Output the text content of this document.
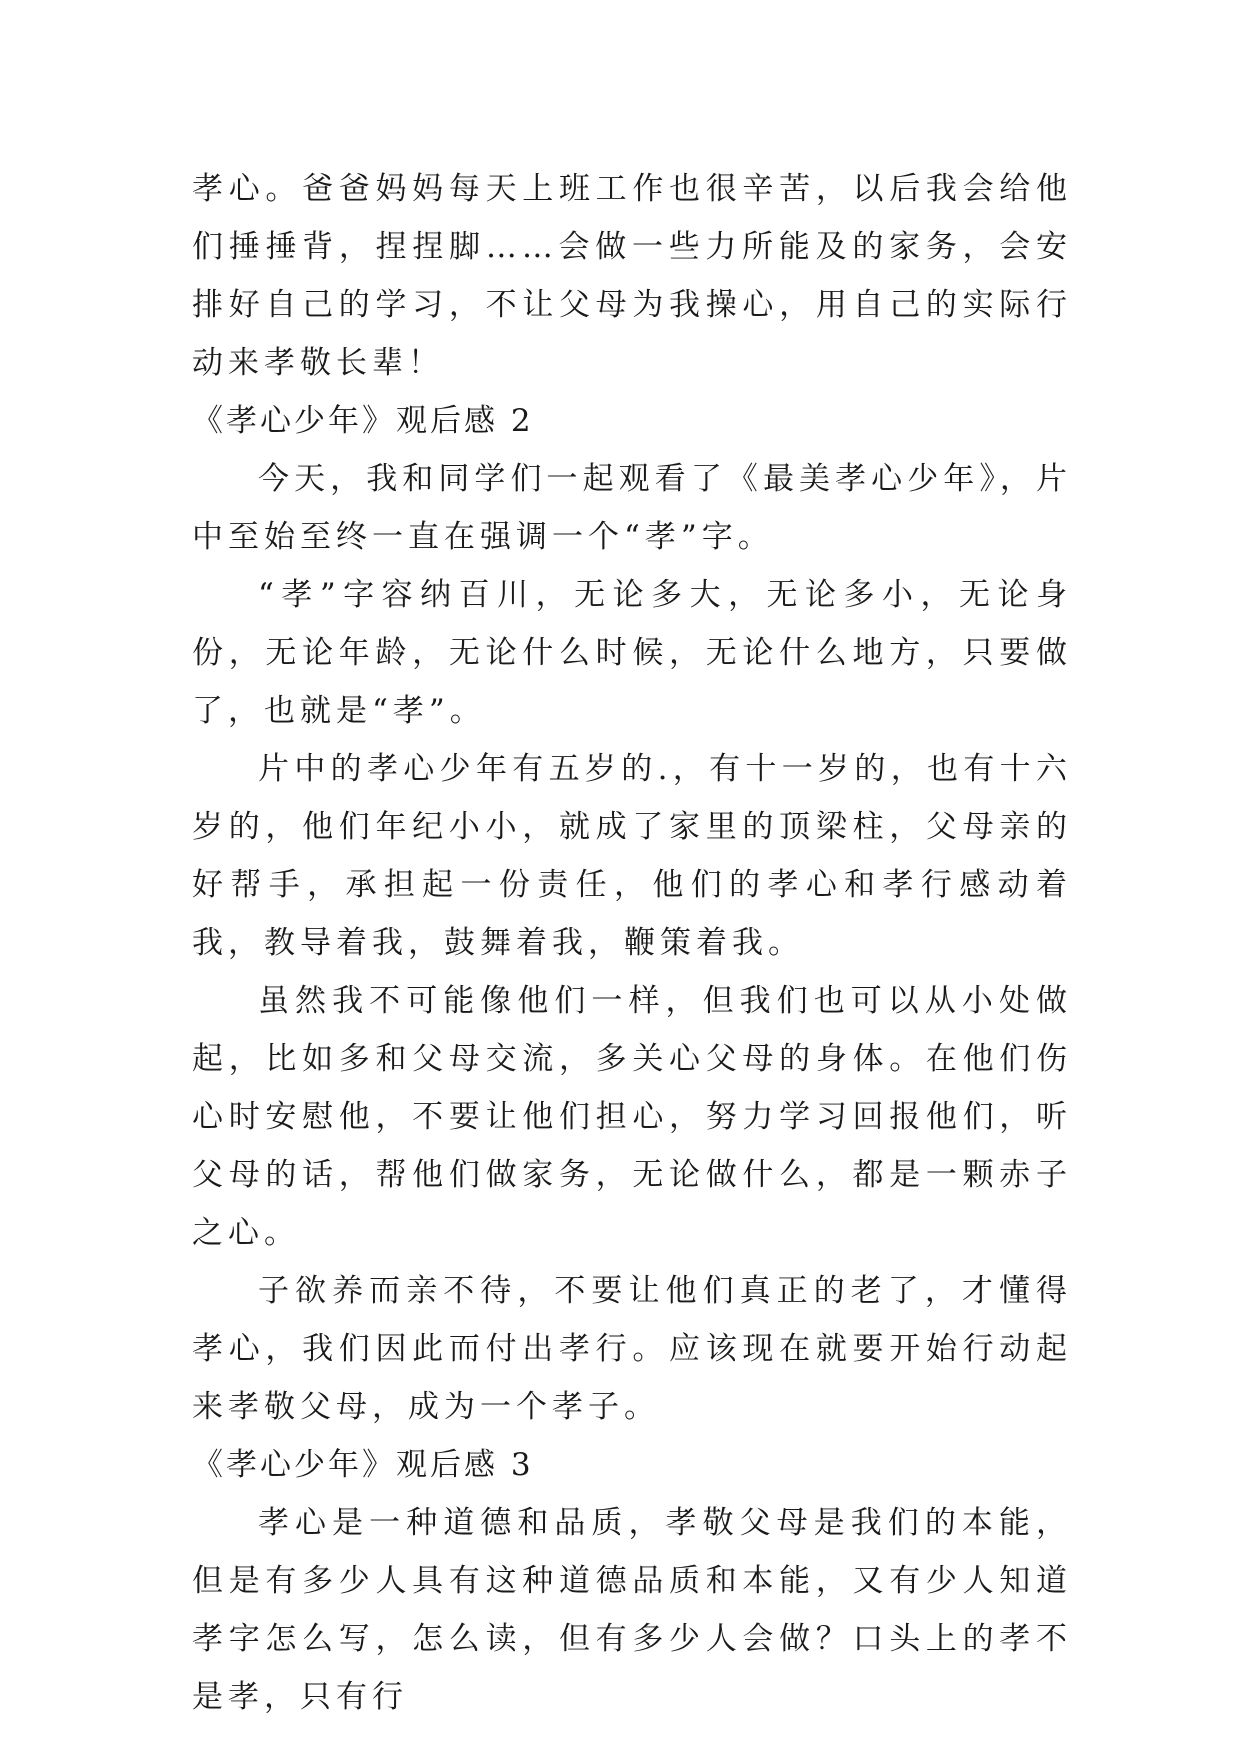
孝心。爸爸妈妈每天上班工作也很辛苦，以后我会给他们捶捶背，捏捏脚……会做一些力所能及的家务，会安排好自己的学习，不让父母为我操心，用自己的实际行动来孝敬长辈！

《孝心少年》观后感 2

今天，我和同学们一起观看了《最美孝心少年》，片中至始至终一直在强调一个“孝”字。

“孝”字容纳百川，无论多大，无论多小，无论身份，无论年龄，无论什么时候，无论什么地方，只要做了，也就是“孝”。

片中的孝心少年有五岁的.，有十一岁的，也有十六岁的，他们年纪小小，就成了家里的顶梁柱，父母亲的好帮手，承担起一份责任，他们的孝心和孝行感动着我，教导着我，鼓舞着我，鞭策着我。

虽然我不可能像他们一样，但我们也可以从小处做起，比如多和父母交流，多关心父母的身体。在他们伤心时安慰他，不要让他们担心，努力学习回报他们，听父母的话，帮他们做家务，无论做什么，都是一颗赤子之心。

子欲养而亲不待，不要让他们真正的老了，才懂得孝心，我们因此而付出孝行。应该现在就要开始行动起来孝敬父母，成为一个孝子。

《孝心少年》观后感 3

孝心是一种道德和品质，孝敬父母是我们的本能，但是有多少人具有这种道德品质和本能，又有少人知道孝字怎么写，怎么读，但有多少人会做？口头上的孝不是孝，只有行
